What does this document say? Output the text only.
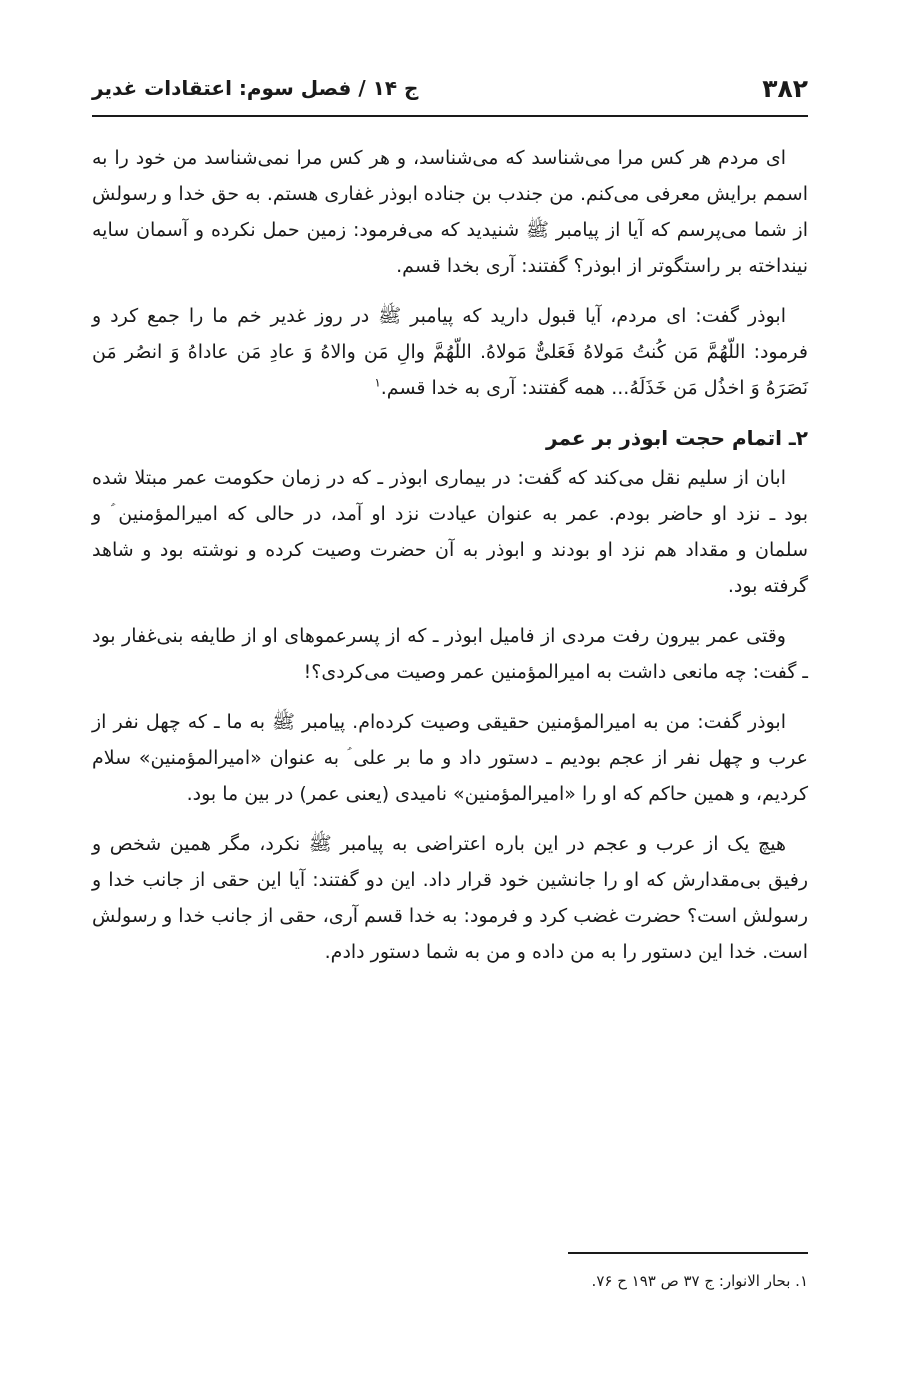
۳۸۲
ج ۱۴ / فصل سوم: اعتقادات غدیر

ای مردم هر کس مرا می‌شناسد که می‌شناسد، و هر کس مرا نمی‌شناسد من خود را به اسمم برایش معرفی می‌کنم. من جندب بن جناده ابوذر غفاری هستم. به حق خدا و رسولش از شما می‌پرسم که آیا از پیامبر ﷺ شنیدید که می‌فرمود: زمین حمل نکرده و آسمان سایه نینداخته بر راستگوتر از ابوذر؟ گفتند: آری بخدا قسم.

ابوذر گفت: ای مردم، آیا قبول دارید که پیامبر ﷺ در روز غدیر خم ما را جمع کرد و فرمود: اللّهُمَّ مَن کُنتُ مَولاهُ فَعَلیٌّ مَولاهُ. اللّهُمَّ والِ مَن والاهُ وَ عادِ مَن عاداهُ وَ انصُر مَن نَصَرَهُ وَ اخذُل مَن خَذَلَهُ... همه گفتند: آری به خدا قسم.$^۱$

۲ـ اتمام حجت ابوذر بر عمر

ابان از سلیم نقل می‌کند که گفت: در بیماری ابوذر ـ که در زمان حکومت عمر مبتلا شده بود ـ نزد او حاضر بودم. عمر به عنوان عیادت نزد او آمد، در حالی که امیرالمؤمنین ؑ و سلمان و مقداد هم نزد او بودند و ابوذر به آن حضرت وصیت کرده و نوشته بود و شاهد گرفته بود.

وقتی عمر بیرون رفت مردی از فامیل ابوذر ـ که از پسرعموهای او از طایفه بنی‌غفار بود ـ گفت: چه مانعی داشت به امیرالمؤمنین عمر وصیت می‌کردی؟!

ابوذر گفت: من به امیرالمؤمنین حقیقی وصیت کرده‌ام. پیامبر ﷺ به ما ـ که چهل نفر از عرب و چهل نفر از عجم بودیم ـ دستور داد و ما بر علی ؑ به عنوان «امیرالمؤمنین» سلام کردیم، و همین حاکم که او را «امیرالمؤمنین» نامیدی (یعنی عمر) در بین ما بود.

هیچ یک از عرب و عجم در این باره اعتراضی به پیامبر ﷺ نکرد، مگر همین شخص و رفیق بی‌مقدارش که او را جانشین خود قرار داد. این دو گفتند: آیا این حقی از جانب خدا و رسولش است؟ حضرت غضب کرد و فرمود: به خدا قسم آری، حقی از جانب خدا و رسولش است. خدا این دستور را به من داده و من به شما دستور دادم.

۱. بحار الانوار: ج ۳۷ ص ۱۹۳ ح ۷۶.
